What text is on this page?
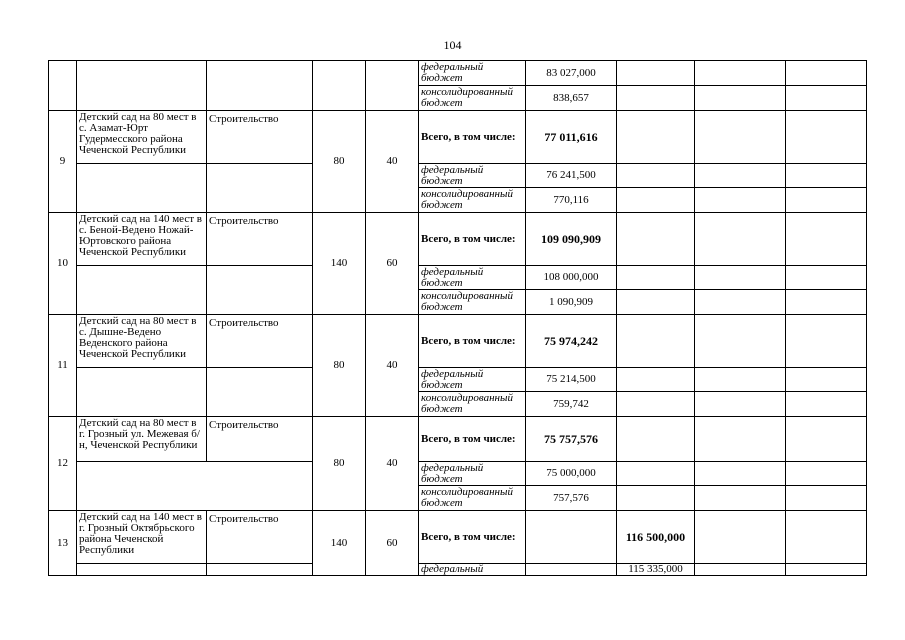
104
					федеральный бюджет	83 027,000			
					консолидированный бюджет	838,657			
9	Детский сад на 80 мест в с. Азамат-Юрт Гудермесского района Чеченской Республики	Строительство	80	40	Всего, в том числе:	77 011,616			
					федеральный бюджет	76 241,500			
					консолидированный бюджет	770,116			
10	Детский сад на 140 мест в с. Беной-Ведено Ножай-Юртовского района Чеченской Республики	Строительство	140	60	Всего, в том числе:	109 090,909			
					федеральный бюджет	108 000,000			
					консолидированный бюджет	1 090,909			
11	Детский сад на 80 мест в с. Дышне-Ведено Веденского района Чеченской Республики	Строительство	80	40	Всего, в том числе:	75 974,242			
					федеральный бюджет	75 214,500			
					консолидированный бюджет	759,742			
12	Детский сад на 80 мест в г. Грозный ул. Межевая б/н, Чеченской Республики	Строительство	80	40	Всего, в том числе:	75 757,576			
					федеральный бюджет	75 000,000			
					консолидированный бюджет	757,576			
13	Детский сад на 140 мест в г. Грозный Октябрьского района Чеченской Республики	Строительство	140	60	Всего, в том числе:		116 500,000		
					федеральный		115 335,000		
